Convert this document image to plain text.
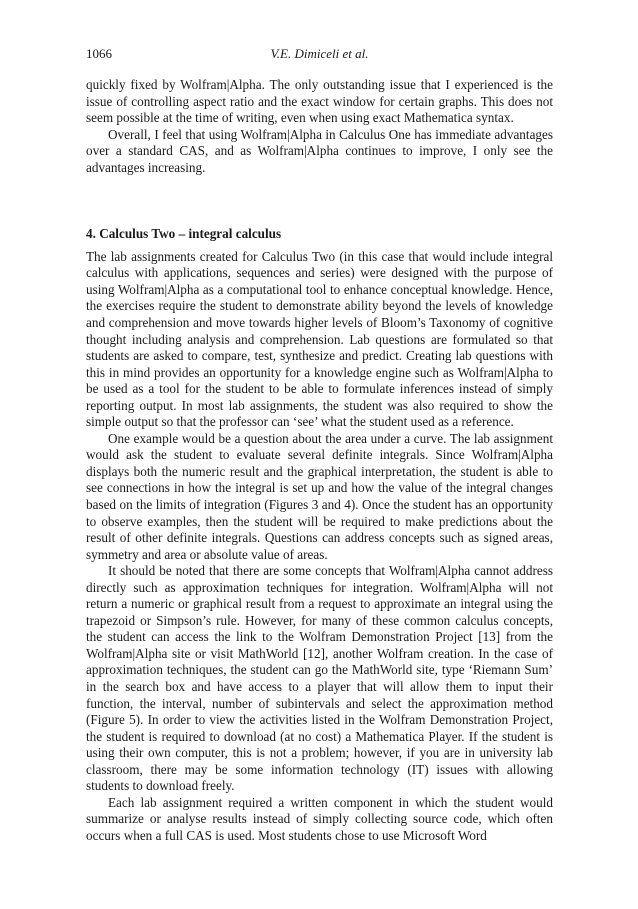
1066	V.E. Dimiceli et al.

quickly fixed by Wolfram|Alpha. The only outstanding issue that I experienced is the issue of controlling aspect ratio and the exact window for certain graphs. This does not seem possible at the time of writing, even when using exact Mathematica syntax.

Overall, I feel that using Wolfram|Alpha in Calculus One has immediate advantages over a standard CAS, and as Wolfram|Alpha continues to improve, I only see the advantages increasing.

4. Calculus Two – integral calculus

The lab assignments created for Calculus Two (in this case that would include integral calculus with applications, sequences and series) were designed with the purpose of using Wolfram|Alpha as a computational tool to enhance conceptual knowledge. Hence, the exercises require the student to demonstrate ability beyond the levels of knowledge and comprehension and move towards higher levels of Bloom’s Taxonomy of cognitive thought including analysis and comprehension. Lab questions are formulated so that students are asked to compare, test, synthesize and predict. Creating lab questions with this in mind provides an opportunity for a knowledge engine such as Wolfram|Alpha to be used as a tool for the student to be able to formulate inferences instead of simply reporting output. In most lab assignments, the student was also required to show the simple output so that the professor can ‘see’ what the student used as a reference.

One example would be a question about the area under a curve. The lab assignment would ask the student to evaluate several definite integrals. Since Wolfram|Alpha displays both the numeric result and the graphical interpretation, the student is able to see connections in how the integral is set up and how the value of the integral changes based on the limits of integration (Figures 3 and 4). Once the student has an opportunity to observe examples, then the student will be required to make predictions about the result of other definite integrals. Questions can address concepts such as signed areas, symmetry and area or absolute value of areas.

It should be noted that there are some concepts that Wolfram|Alpha cannot address directly such as approximation techniques for integration. Wolfram|Alpha will not return a numeric or graphical result from a request to approximate an integral using the trapezoid or Simpson’s rule. However, for many of these common calculus concepts, the student can access the link to the Wolfram Demonstration Project [13] from the Wolfram|Alpha site or visit MathWorld [12], another Wolfram creation. In the case of approximation techniques, the student can go the MathWorld site, type ‘Riemann Sum’ in the search box and have access to a player that will allow them to input their function, the interval, number of subintervals and select the approximation method (Figure 5). In order to view the activities listed in the Wolfram Demonstration Project, the student is required to download (at no cost) a Mathematica Player. If the student is using their own computer, this is not a problem; however, if you are in university lab classroom, there may be some information technology (IT) issues with allowing students to download freely.

Each lab assignment required a written component in which the student would summarize or analyse results instead of simply collecting source code, which often occurs when a full CAS is used. Most students chose to use Microsoft Word
